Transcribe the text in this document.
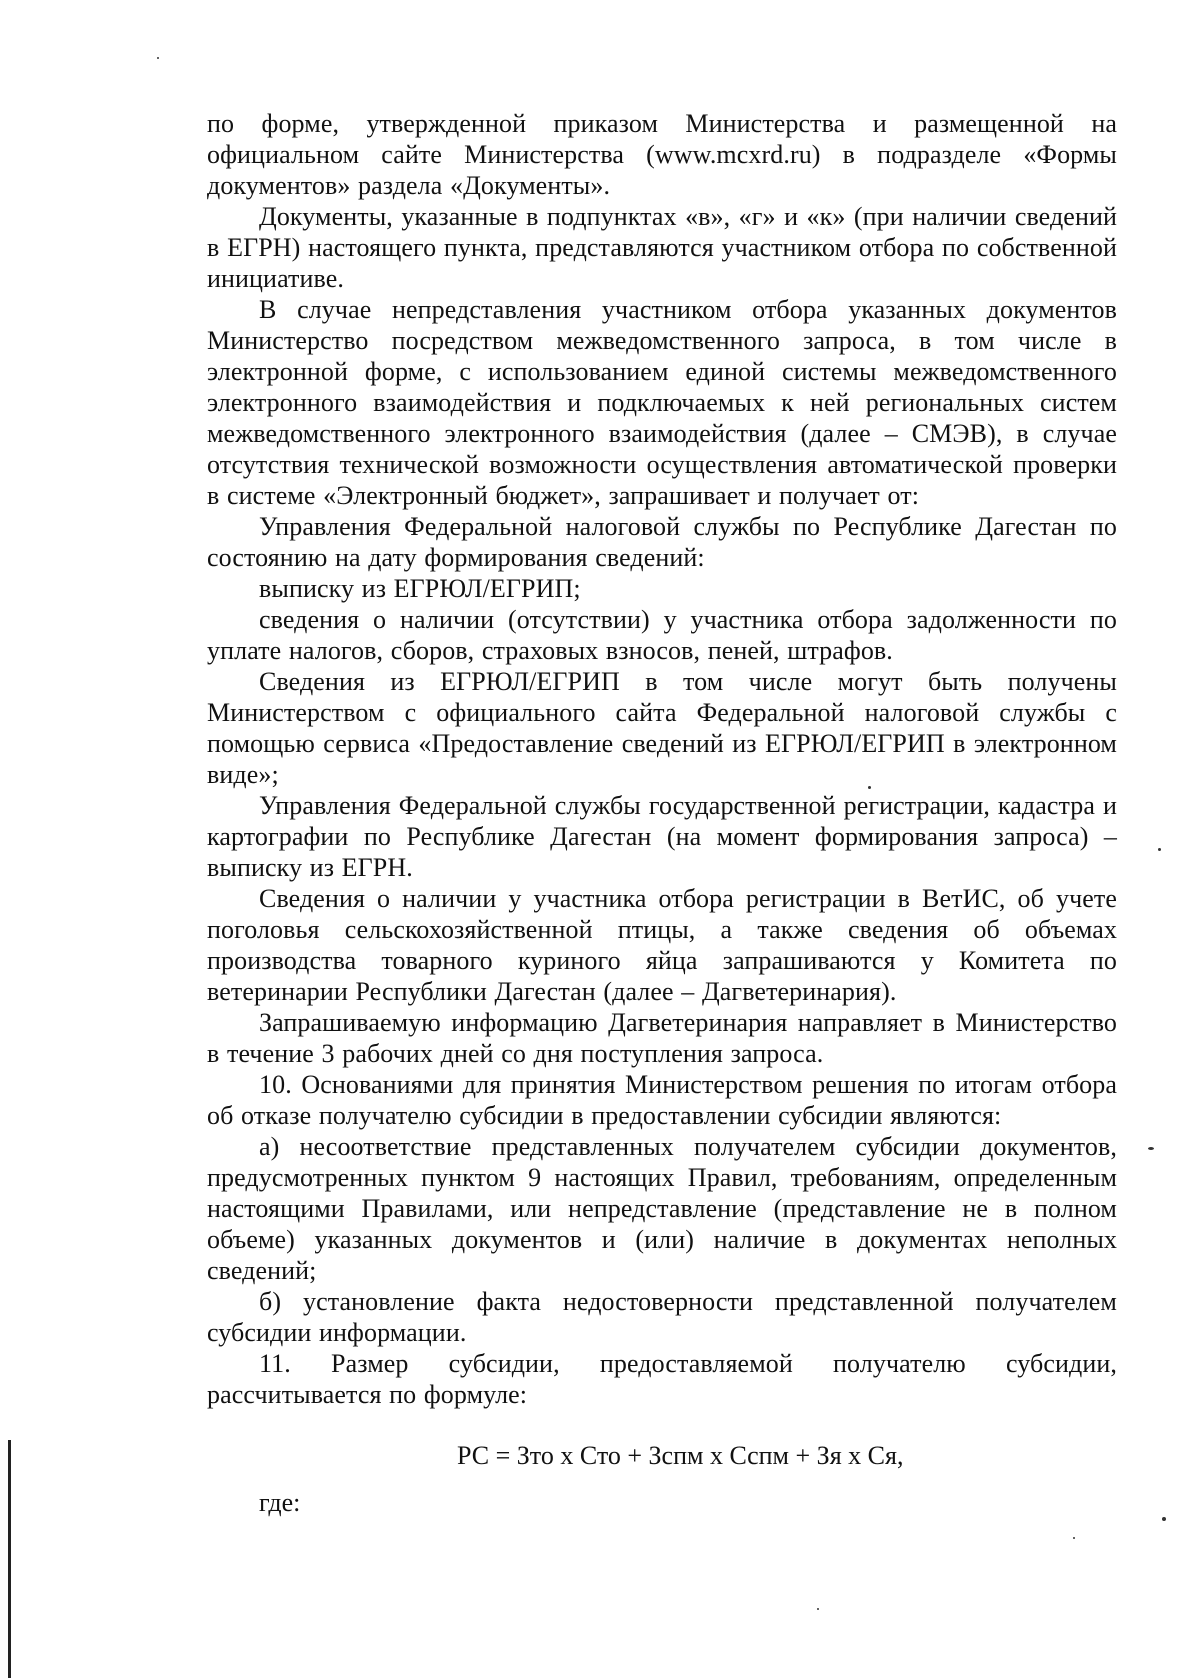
по форме, утвержденной приказом Министерства и размещенной на официальном сайте Министерства (www.mcxrd.ru) в подразделе «Формы документов» раздела «Документы».

Документы, указанные в подпунктах «в», «г» и «к» (при наличии сведений в ЕГРН) настоящего пункта, представляются участником отбора по собственной инициативе.

В случае непредставления участником отбора указанных документов Министерство посредством межведомственного запроса, в том числе в электронной форме, с использованием единой системы межведомственного электронного взаимодействия и подключаемых к ней региональных систем межведомственного электронного взаимодействия (далее – СМЭВ), в случае отсутствия технической возможности осуществления автоматической проверки в системе «Электронный бюджет», запрашивает и получает от:

Управления Федеральной налоговой службы по Республике Дагестан по состоянию на дату формирования сведений:

выписку из ЕГРЮЛ/ЕГРИП;

сведения о наличии (отсутствии) у участника отбора задолженности по уплате налогов, сборов, страховых взносов, пеней, штрафов.

Сведения из ЕГРЮЛ/ЕГРИП в том числе могут быть получены Министерством с официального сайта Федеральной налоговой службы с помощью сервиса «Предоставление сведений из ЕГРЮЛ/ЕГРИП в электронном виде»;

Управления Федеральной службы государственной регистрации, кадастра и картографии по Республике Дагестан (на момент формирования запроса) – выписку из ЕГРН.

Сведения о наличии у участника отбора регистрации в ВетИС, об учете поголовья сельскохозяйственной птицы, а также сведения об объемах производства товарного куриного яйца запрашиваются у Комитета по ветеринарии Республики Дагестан (далее – Дагветеринария).

Запрашиваемую информацию Дагветеринария направляет в Министерство в течение 3 рабочих дней со дня поступления запроса.

10. Основаниями для принятия Министерством решения по итогам отбора об отказе получателю субсидии в предоставлении субсидии являются:

а) несоответствие представленных получателем субсидии документов, предусмотренных пунктом 9 настоящих Правил, требованиям, определенным настоящими Правилами, или непредставление (представление не в полном объеме) указанных документов и (или) наличие в документах неполных сведений;

б) установление факта недостоверности представленной получателем субсидии информации.

11. Размер субсидии, предоставляемой получателю субсидии, рассчитывается по формуле:

РС = Зто х Сто + Зспм х Сспм + Зя х Ся,

где:
